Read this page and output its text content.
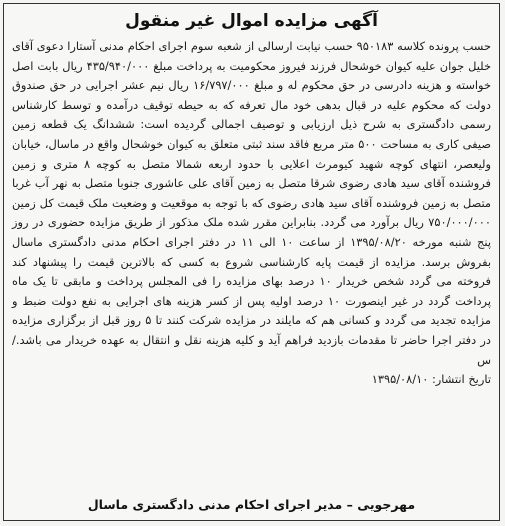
آگهی مزایده اموال غیر منقول

حسب پرونده کلاسه ۹۵۰۱۸۳ حسب نیابت ارسالی از شعبه سوم اجرای احکام مدنی آستارا دعوی آقای خلیل جوان علیه کیوان خوشحال فرزند فیروز محکومیت به پرداخت مبلغ ۴۳۵/۹۴۰/۰۰۰ ریال بابت اصل خواسته و هزینه دادرسی در حق محکوم له و مبلغ ۱۶/۷۹۷/۰۰۰ ریال نیم عشر اجرایی در حق صندوق دولت که محکوم علیه در قبال بدهی خود مال تعرفه که به حیطه توقیف درآمده و توسط کارشناس رسمی دادگستری به شرح ذیل ارزیابی و توصیف اجمالی گردیده است: ششدانگ یک قطعه زمین صیفی کاری به مساحت ۵۰۰ متر مربع فاقد سند ثبتی متعلق به کیوان خوشحال واقع در ماسال، خیابان ولیعصر، انتهای کوچه شهید کیومرث اعلایی با حدود اربعه شمالا متصل به کوچه ۸ متری و زمین فروشنده آقای سید هادی رضوی شرقا متصل به زمین آقای علی عاشوری جنوبا متصل به نهر آب غربا متصل به زمین فروشنده آقای سید هادی رضوی که با توجه به موقعیت و وضعیت ملک قیمت کل زمین ۷۵۰/۰۰۰/۰۰۰ ریال برآورد می گردد. بنابراین مقرر شده ملک مذکور از طریق مزایده حضوری در روز پنج شنبه مورخه ۱۳۹۵/۰۸/۲۰ از ساعت ۱۰ الی ۱۱ در دفتر اجرای احکام مدنی دادگستری ماسال بفروش برسد. مزایده از قیمت پایه کارشناسی شروع به کسی که بالاترین قیمت را پیشنهاد کند فروخته می گردد شخص خریدار ۱۰ درصد بهای مزایده را فی المجلس پرداخت و مابقی تا یک ماه پرداخت گردد در غیر اینصورت ۱۰ درصد اولیه پس از کسر هزینه های اجرایی به نفع دولت ضبط و مزایده تجدید می گردد و کسانی هم که مایلند در مزایده شرکت کنند تا ۵ روز قبل از برگزاری مزایده در دفتر اجرا حاضر تا مقدمات بازدید فراهم آید و کلیه هزینه نقل و انتقال به عهده خریدار می باشد./س
تاریخ انتشار: ۱۳۹۵/۰۸/۱۰

مهرجویی – مدیر اجرای احکام مدنی دادگستری ماسال
